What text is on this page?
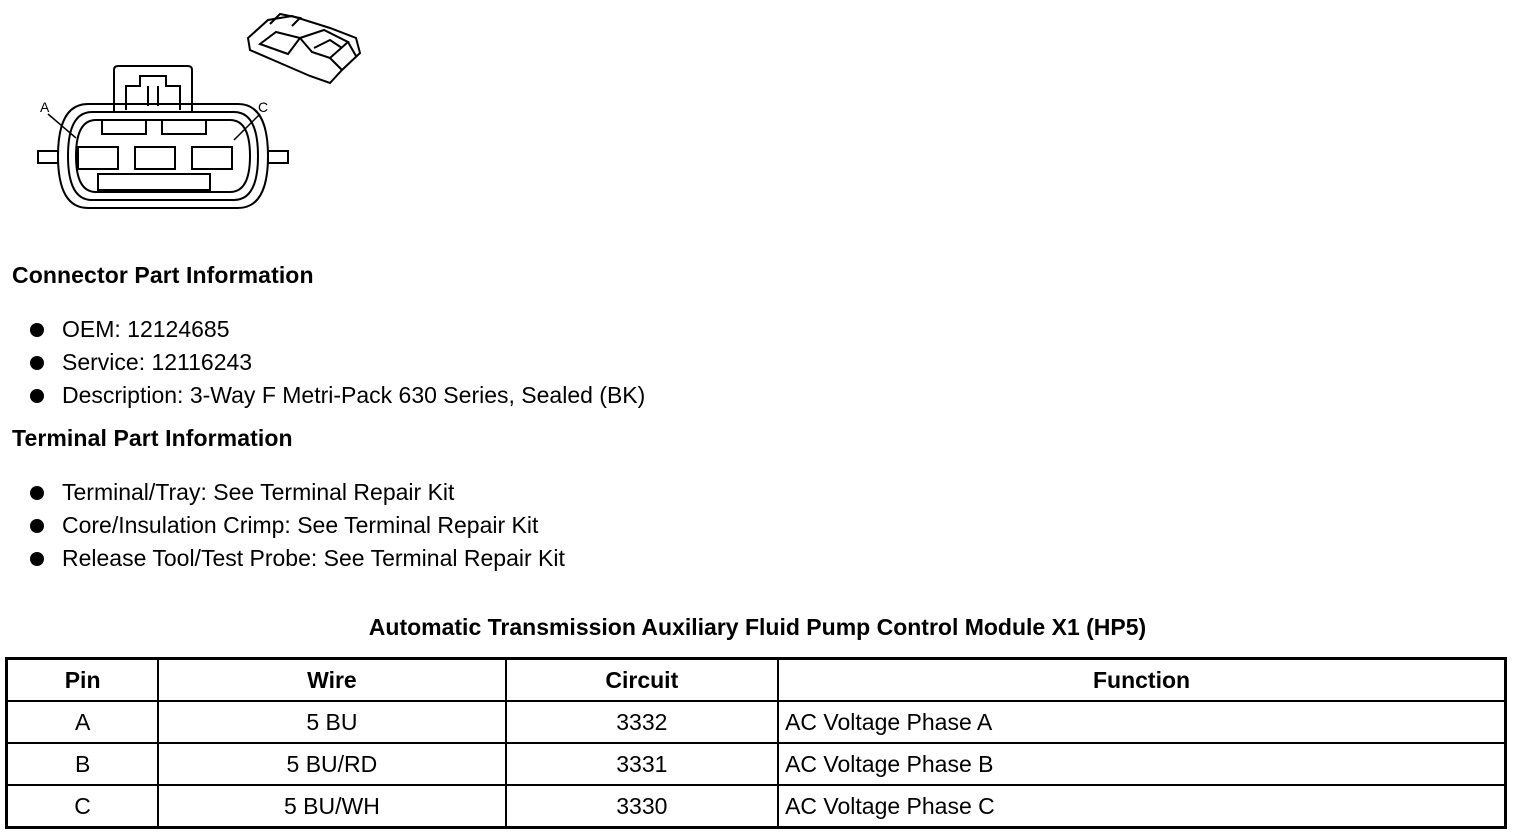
A	C
Connector Part Information
OEM: 12124685
Service: 12116243
Description: 3-Way F Metri-Pack 630 Series, Sealed (BK)
Terminal Part Information
Terminal/Tray: See Terminal Repair Kit
Core/Insulation Crimp: See Terminal Repair Kit
Release Tool/Test Probe: See Terminal Repair Kit
Automatic Transmission Auxiliary Fluid Pump Control Module X1 (HP5)
Pin	Wire	Circuit	Function
A	5 BU	3332	AC Voltage Phase A
B	5 BU/RD	3331	AC Voltage Phase B
C	5 BU/WH	3330	AC Voltage Phase C
